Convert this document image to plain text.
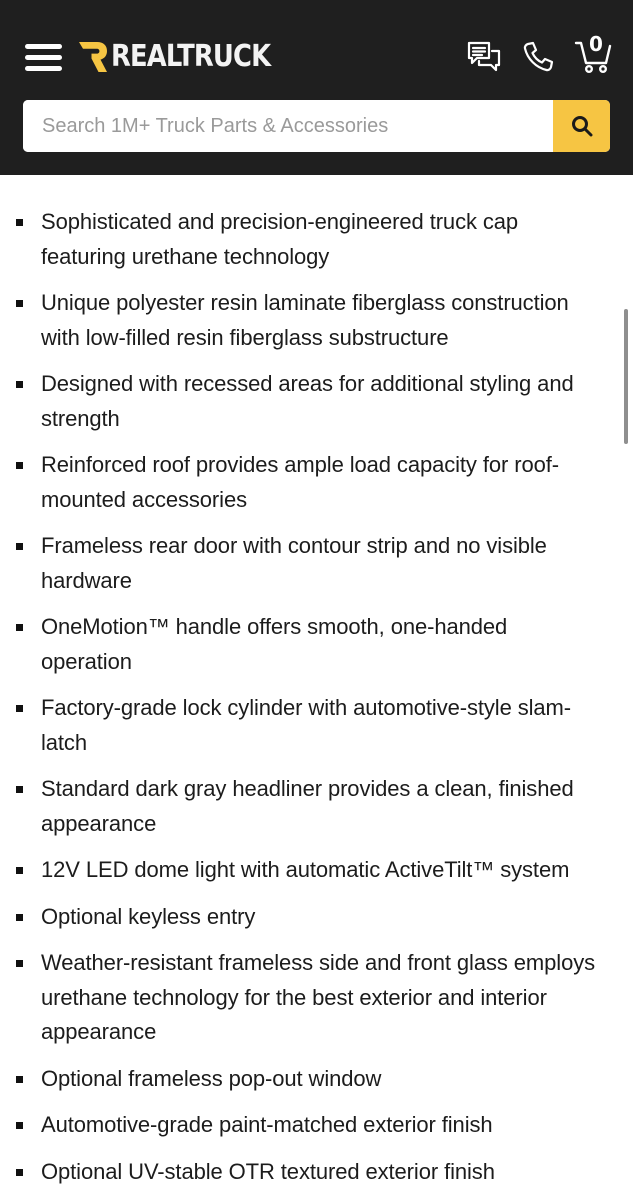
REALTRUCK	0
Search 1M+ Truck Parts & Accessories
Sophisticated and precision-engineered truck cap featuring urethane technology
Unique polyester resin laminate fiberglass construction with low-filled resin fiberglass substructure
Designed with recessed areas for additional styling and strength
Reinforced roof provides ample load capacity for roof-mounted accessories
Frameless rear door with contour strip and no visible hardware
OneMotion™ handle offers smooth, one-handed operation
Factory-grade lock cylinder with automotive-style slam-latch
Standard dark gray headliner provides a clean, finished appearance
12V LED dome light with automatic ActiveTilt™ system
Optional keyless entry
Weather-resistant frameless side and front glass employs urethane technology for the best exterior and interior appearance
Optional frameless pop-out window
Automotive-grade paint-matched exterior finish
Optional UV-stable OTR textured exterior finish
